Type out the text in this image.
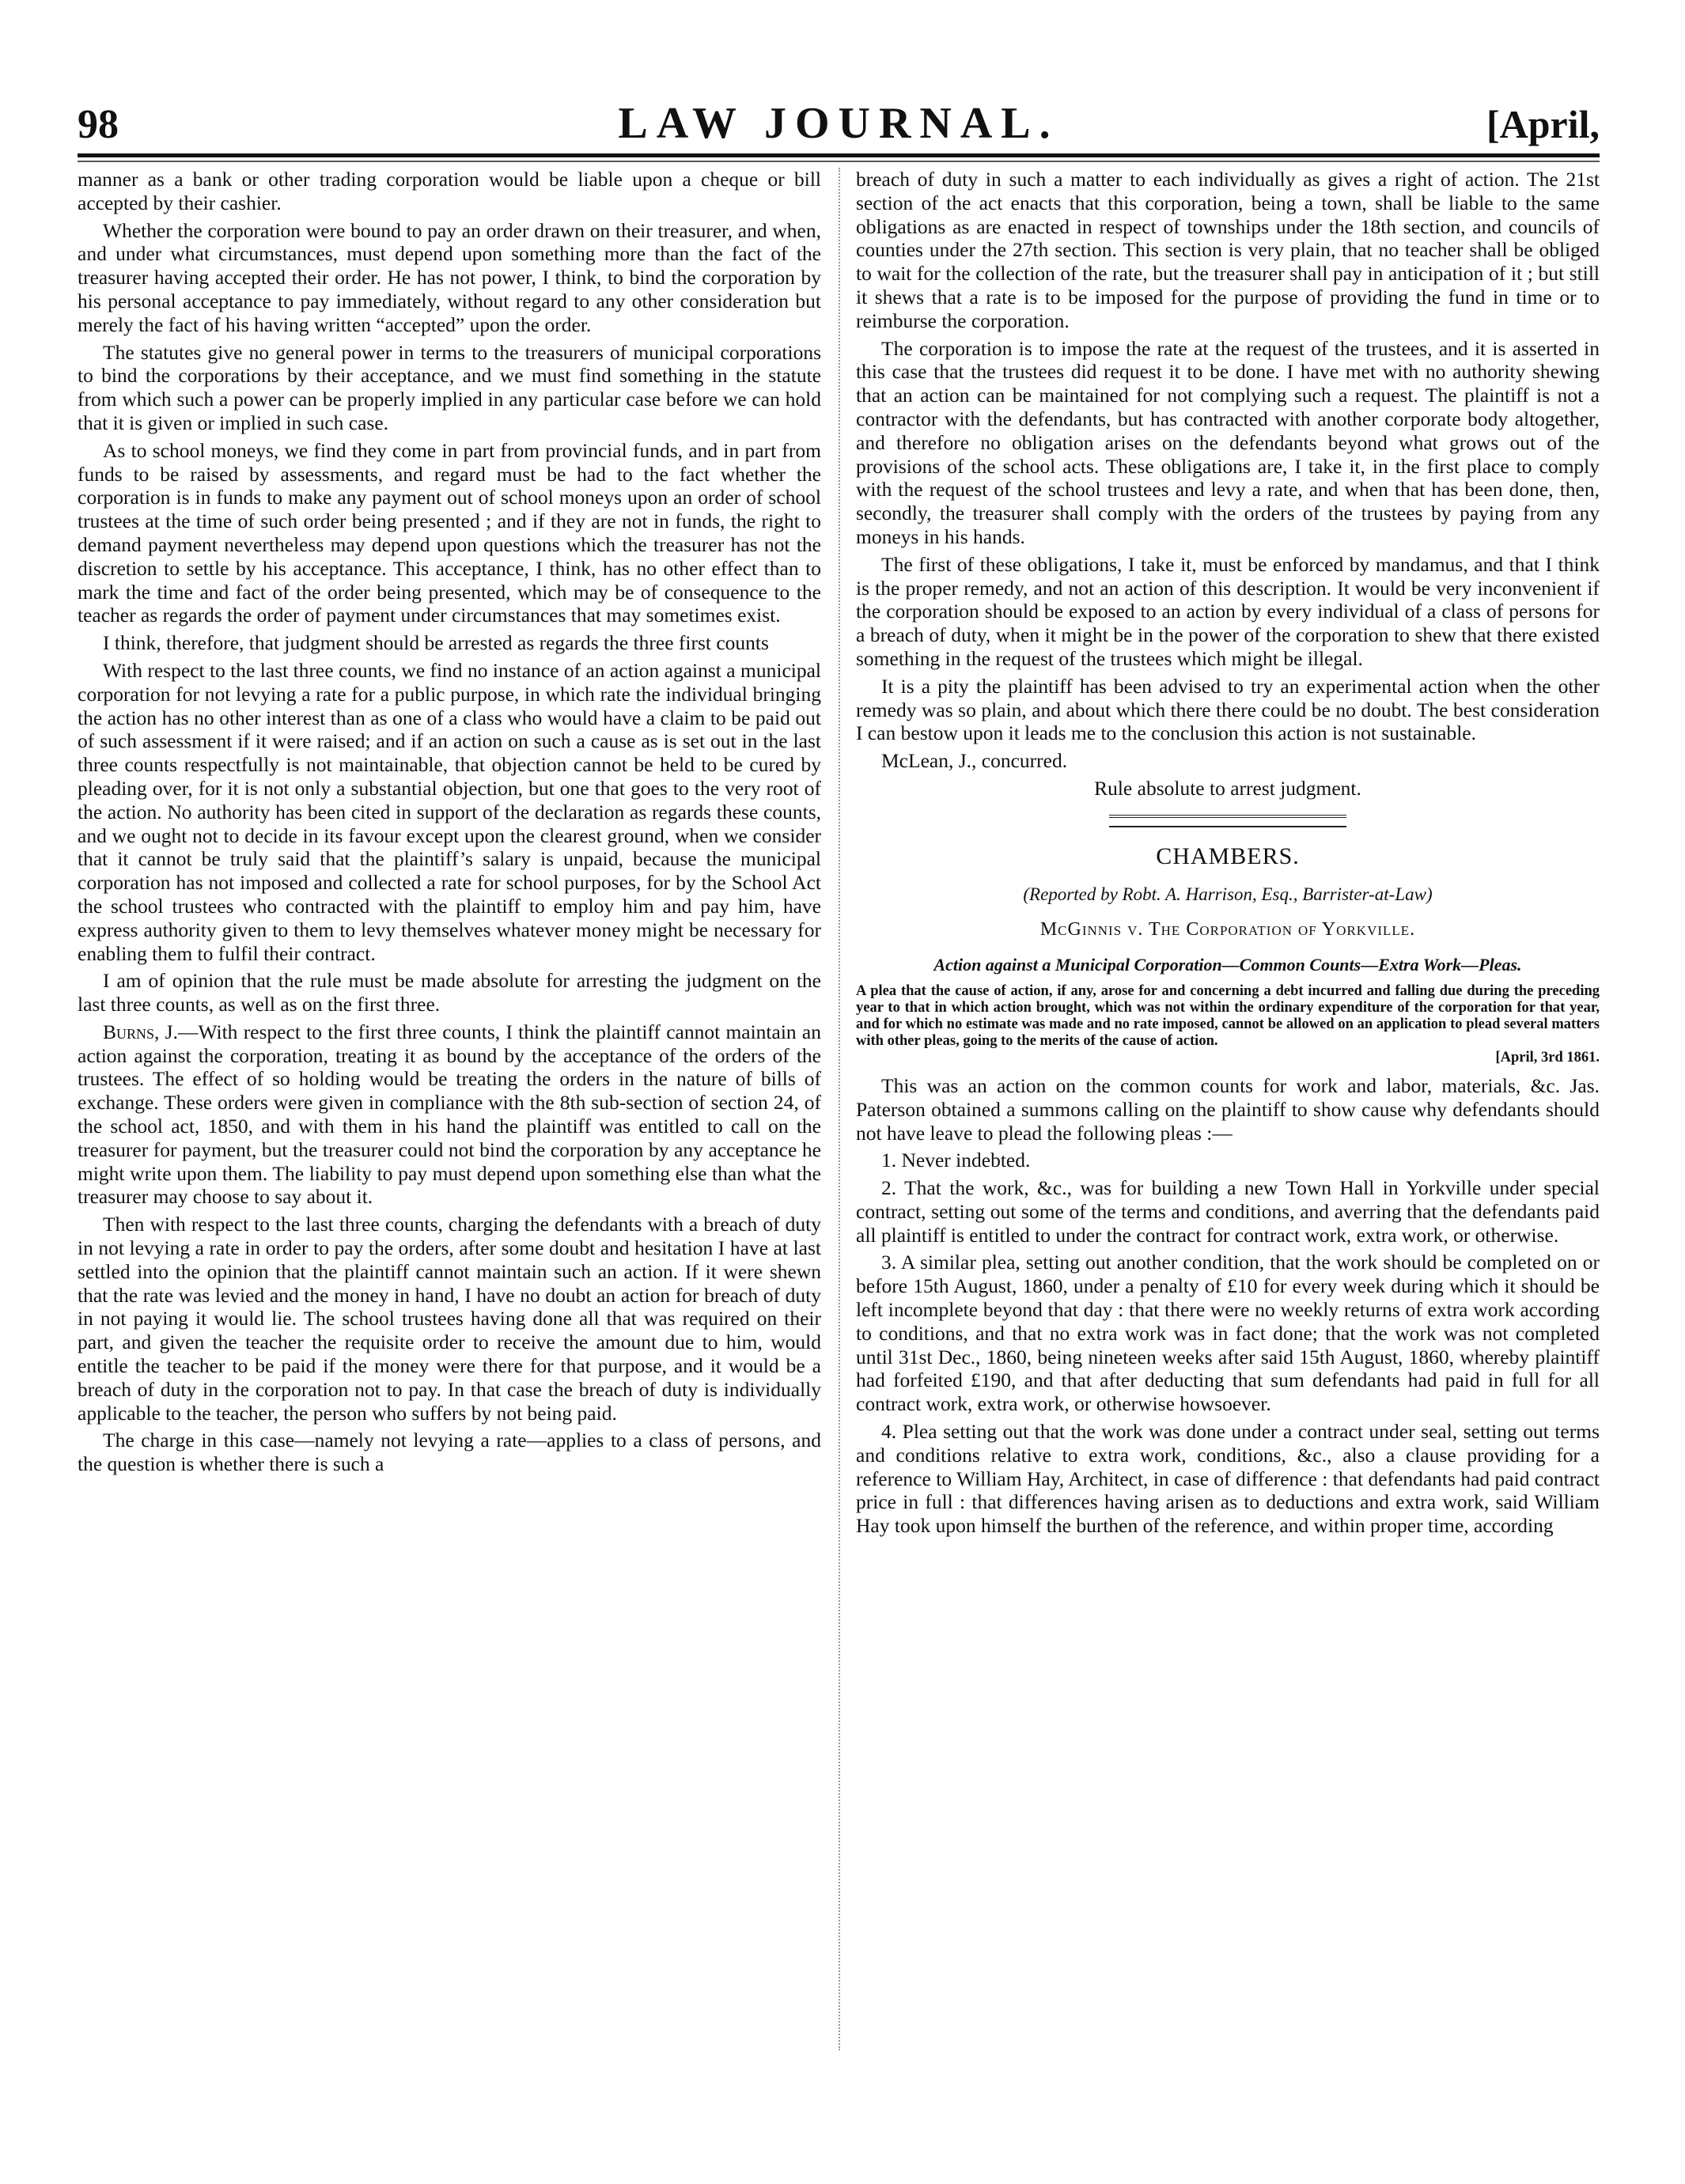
98	LAW JOURNAL.	[April,

manner as a bank or other trading corporation would be liable upon a cheque or bill accepted by their cashier.

Whether the corporation were bound to pay an order drawn on their treasurer, and when, and under what circumstances, must depend upon something more than the fact of the treasurer having accepted their order. He has not power, I think, to bind the corporation by his personal acceptance to pay immediately, without regard to any other consideration but merely the fact of his having written “accepted” upon the order.

The statutes give no general power in terms to the treasurers of municipal corporations to bind the corporations by their acceptance, and we must find something in the statute from which such a power can be properly implied in any particular case before we can hold that it is given or implied in such case.

As to school moneys, we find they come in part from provincial funds, and in part from funds to be raised by assessments, and regard must be had to the fact whether the corporation is in funds to make any payment out of school moneys upon an order of school trustees at the time of such order being presented ; and if they are not in funds, the right to demand payment nevertheless may depend upon questions which the treasurer has not the discretion to settle by his acceptance. This acceptance, I think, has no other effect than to mark the time and fact of the order being presented, which may be of consequence to the teacher as regards the order of payment under circumstances that may sometimes exist.

I think, therefore, that judgment should be arrested as regards the three first counts

With respect to the last three counts, we find no instance of an action against a municipal corporation for not levying a rate for a public purpose, in which rate the individual bringing the action has no other interest than as one of a class who would have a claim to be paid out of such assessment if it were raised; and if an action on such a cause as is set out in the last three counts respectfully is not maintainable, that objection cannot be held to be cured by pleading over, for it is not only a substantial objection, but one that goes to the very root of the action. No authority has been cited in support of the declaration as regards these counts, and we ought not to decide in its favour except upon the clearest ground, when we consider that it cannot be truly said that the plaintiff’s salary is unpaid, because the municipal corporation has not imposed and collected a rate for school purposes, for by the School Act the school trustees who contracted with the plaintiff to employ him and pay him, have express authority given to them to levy themselves whatever money might be necessary for enabling them to fulfil their contract.

I am of opinion that the rule must be made absolute for arresting the judgment on the last three counts, as well as on the first three.

Burns, J.—With respect to the first three counts, I think the plaintiff cannot maintain an action against the corporation, treating it as bound by the acceptance of the orders of the trustees. The effect of so holding would be treating the orders in the nature of bills of exchange. These orders were given in compliance with the 8th sub-section of section 24, of the school act, 1850, and with them in his hand the plaintiff was entitled to call on the treasurer for payment, but the treasurer could not bind the corporation by any acceptance he might write upon them. The liability to pay must depend upon something else than what the treasurer may choose to say about it.

Then with respect to the last three counts, charging the defendants with a breach of duty in not levying a rate in order to pay the orders, after some doubt and hesitation I have at last settled into the opinion that the plaintiff cannot maintain such an action. If it were shewn that the rate was levied and the money in hand, I have no doubt an action for breach of duty in not paying it would lie. The school trustees having done all that was required on their part, and given the teacher the requisite order to receive the amount due to him, would entitle the teacher to be paid if the money were there for that purpose, and it would be a breach of duty in the corporation not to pay. In that case the breach of duty is individually applicable to the teacher, the person who suffers by not being paid.

The charge in this case—namely not levying a rate—applies to a class of persons, and the question is whether there is such a

breach of duty in such a matter to each individually as gives a right of action. The 21st section of the act enacts that this corporation, being a town, shall be liable to the same obligations as are enacted in respect of townships under the 18th section, and councils of counties under the 27th section. This section is very plain, that no teacher shall be obliged to wait for the collection of the rate, but the treasurer shall pay in anticipation of it ; but still it shews that a rate is to be imposed for the purpose of providing the fund in time or to reimburse the corporation.

The corporation is to impose the rate at the request of the trustees, and it is asserted in this case that the trustees did request it to be done. I have met with no authority shewing that an action can be maintained for not complying such a request. The plaintiff is not a contractor with the defendants, but has contracted with another corporate body altogether, and therefore no obligation arises on the defendants beyond what grows out of the provisions of the school acts. These obligations are, I take it, in the first place to comply with the request of the school trustees and levy a rate, and when that has been done, then, secondly, the treasurer shall comply with the orders of the trustees by paying from any moneys in his hands.

The first of these obligations, I take it, must be enforced by mandamus, and that I think is the proper remedy, and not an action of this description. It would be very inconvenient if the corporation should be exposed to an action by every individual of a class of persons for a breach of duty, when it might be in the power of the corporation to shew that there existed something in the request of the trustees which might be illegal.

It is a pity the plaintiff has been advised to try an experimental action when the other remedy was so plain, and about which there there could be no doubt. The best consideration I can bestow upon it leads me to the conclusion this action is not sustainable.

McLean, J., concurred.

Rule absolute to arrest judgment.

CHAMBERS.
(Reported by Robt. A. Harrison, Esq., Barrister-at-Law)
McGinnis v. The Corporation of Yorkville.
Action against a Municipal Corporation—Common Counts—Extra Work—Pleas.
A plea that the cause of action, if any, arose for and concerning a debt incurred and falling due during the preceding year to that in which action brought, which was not within the ordinary expenditure of the corporation for that year, and for which no estimate was made and no rate imposed, cannot be allowed on an application to plead several matters with other pleas, going to the merits of the cause of action.
[April, 3rd 1861.

This was an action on the common counts for work and labor, materials, &c. Jas. Paterson obtained a summons calling on the plaintiff to show cause why defendants should not have leave to plead the following pleas :—

1. Never indebted.

2. That the work, &c., was for building a new Town Hall in Yorkville under special contract, setting out some of the terms and conditions, and averring that the defendants paid all plaintiff is entitled to under the contract for contract work, extra work, or otherwise.

3. A similar plea, setting out another condition, that the work should be completed on or before 15th August, 1860, under a penalty of £10 for every week during which it should be left incomplete beyond that day : that there were no weekly returns of extra work according to conditions, and that no extra work was in fact done; that the work was not completed until 31st Dec., 1860, being nineteen weeks after said 15th August, 1860, whereby plaintiff had forfeited £190, and that after deducting that sum defendants had paid in full for all contract work, extra work, or otherwise howsoever.

4. Plea setting out that the work was done under a contract under seal, setting out terms and conditions relative to extra work, conditions, &c., also a clause providing for a reference to William Hay, Architect, in case of difference : that defendants had paid contract price in full : that differences having arisen as to deductions and extra work, said William Hay took upon himself the burthen of the reference, and within proper time, according
